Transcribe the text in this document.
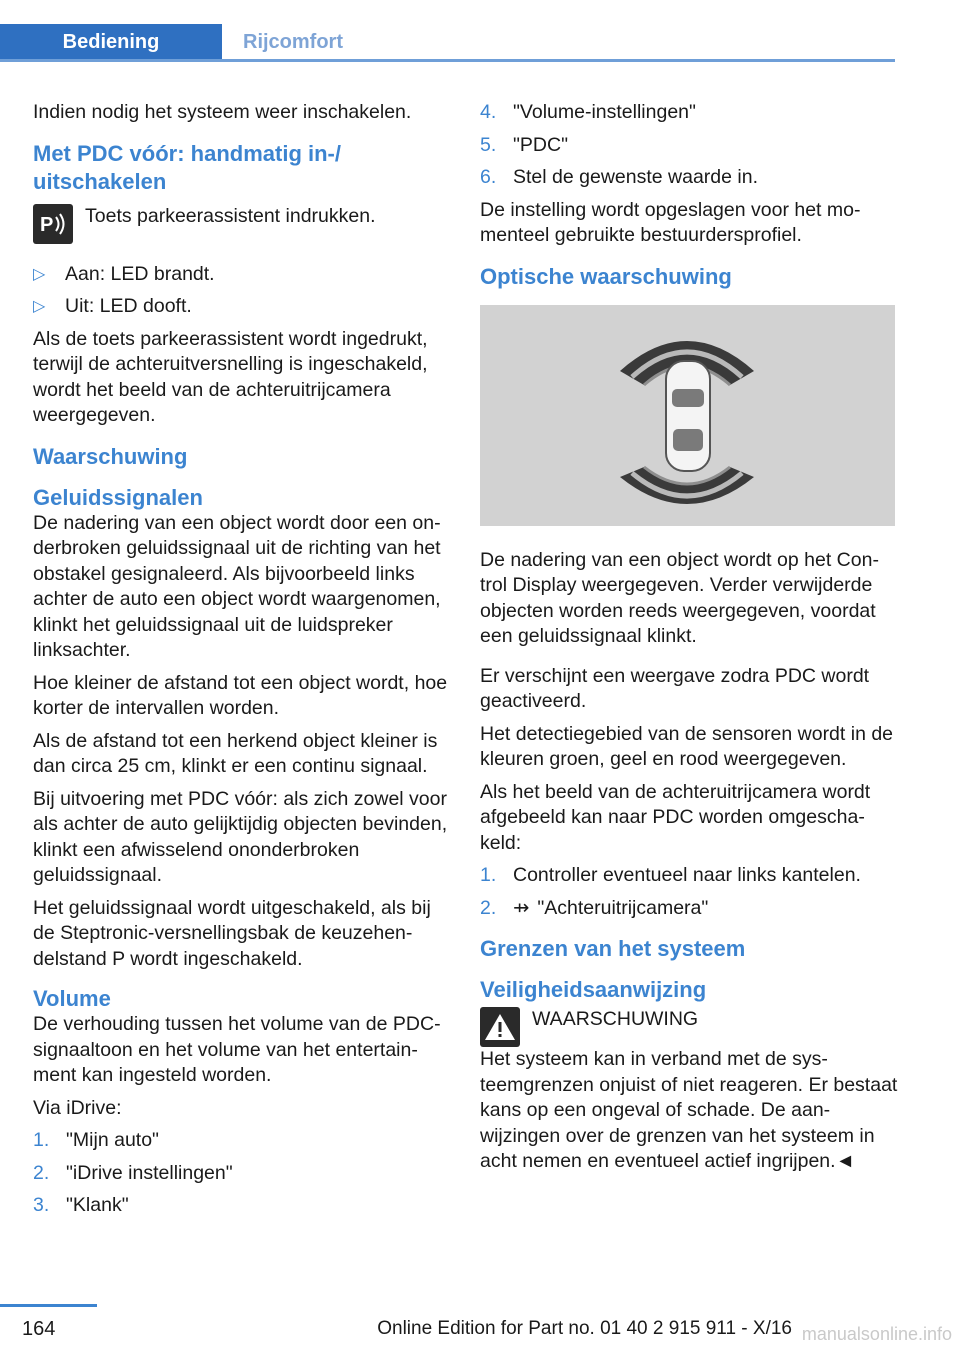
Bediening	Rijcomfort

Indien nodig het systeem weer inschakelen.

Met PDC vóór: handmatig in-/ uitschakelen
P Toets parkeerassistent indrukken.
▷	Aan: LED brandt.
▷	Uit: LED dooft.

Als de toets parkeerassistent wordt ingedrukt, terwijl de achteruitversnelling is ingeschakeld, wordt het beeld van de achteruitrijcamera weergegeven.

Waarschuwing
Geluidssignalen

De nadering van een object wordt door een onderbroken geluidssignaal uit de richting van het obstakel gesignaleerd. Als bijvoorbeeld links achter de auto een object wordt waargenomen, klinkt het geluidssignaal uit de luidspreker linksachter.

Hoe kleiner de afstand tot een object wordt, hoe korter de intervallen worden.

Als de afstand tot een herkend object kleiner is dan circa 25 cm, klinkt er een continu signaal.

Bij uitvoering met PDC vóór: als zich zowel voor als achter de auto gelijktijdig objecten bevinden, klinkt een afwisselend ononderbroken geluidssignaal.

Het geluidssignaal wordt uitgeschakeld, als bij de Steptronic-versnellingsbak de keuzehendelstand P wordt ingeschakeld.

Volume

De verhouding tussen het volume van de PDC-signaaltoon en het volume van het entertainment kan ingesteld worden.

Via iDrive:

1. "Mijn auto"
2. "iDrive instellingen"
3. "Klank"
4. "Volume-instellingen"
5. "PDC"
6. Stel de gewenste waarde in.

De instelling wordt opgeslagen voor het momenteel gebruikte bestuurdersprofiel.

Optische waarschuwing

De nadering van een object wordt op het Control Display weergegeven. Verder verwijderde objecten worden reeds weergegeven, voordat een geluidssignaal klinkt.

Er verschijnt een weergave zodra PDC wordt geactiveerd.

Het detectiegebied van de sensoren wordt in de kleuren groen, geel en rood weergegeven.

Als het beeld van de achteruitrijcamera wordt afgebeeld kan naar PDC worden omgeschakeld:

1. Controller eventueel naar links kantelen.
2. ⇸ "Achteruitrijcamera"
Grenzen van het systeem
Veiligheidsaanwijzing
WAARSCHUWING

Het systeem kan in verband met de systeemgrenzen onjuist of niet reageren. Er bestaat kans op een ongeval of schade. De aanwijzingen over de grenzen van het systeem in acht nemen en eventueel actief ingrijpen.◄

164	Online Edition for Part no. 01 40 2 915 911 - X/16 manualsonline.info
